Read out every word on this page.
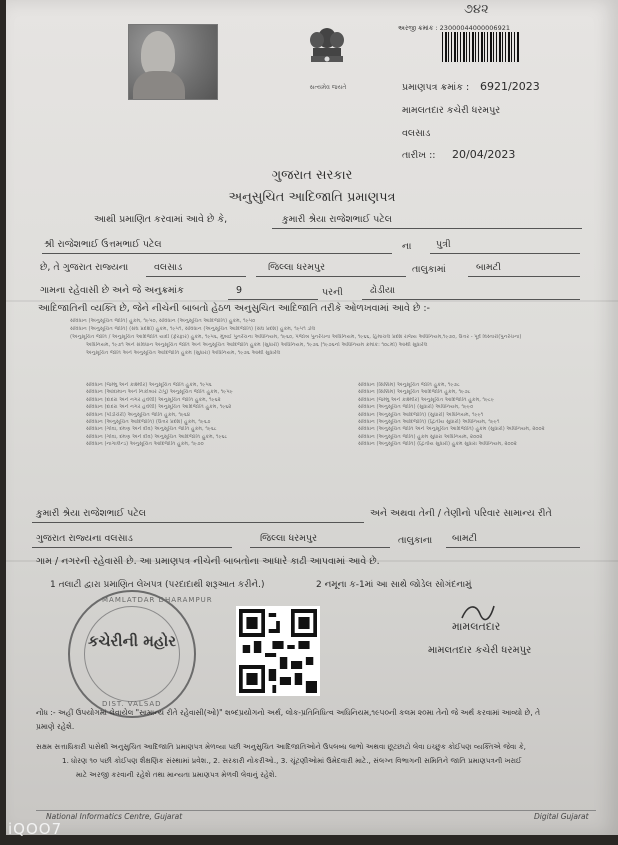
૭૪૨
સત્યમેવ જયતે
અરજી ક્રમાંક : 23000044000006921
પ્રમાણપત્ર ક્રમાંક : 6921/2023
મામલતદાર કચેરી ધરમપુર
વલસાડ
તારીખ :: 20/04/2023
ગુજરાત સરકાર
અનુસુચિત આદિજાતિ પ્રમાણપત્ર
આથી પ્રમાણિત કરવામાં આવે છે કે,	કુમારી શ્રેયા રાજેશભાઈ પટેલ
શ્રી રાજેશભાઈ ઉત્તમભાઈ પટેલ	ના	પુત્રી
છે, તે ગુજરાત રાજ્યના	વલસાડ	જિલ્લા ધરમપુર	તાલુકામાં	બામટી
ગામના રહેવાસી છે અને જે અનુક્રમાંક	9	પરની	ઢોડીયા
આદિજાતિની વ્યક્તિ છે, જેને નીચેની બાબતો હેઠળ અનુસુચિત આદિજાતિ તરીકે ઓળખવામાં આવે છે :-
સંવિધાન (અનુસૂચિત જાતિ) હુકમ, ૧૯૫૦, સંવિધાન (અનુસૂચિત આદિજાતિ) હુકમ, ૧૯૫૦
સંવિધાન (અનુસૂચિત જાતિ) (સંઘ પ્રદેશો) હુકમ, ૧૯૫૧, સંવિધાન (અનુસૂચિત આદિજાતિ) (સંઘ પ્રદેશ) હુકમ, ૧૯૫૧ ડોલ
(અનુસૂચિત જાતિ / અનુસૂચિત આદિજાતિ યાદી (ફેરફાર) હુકમ, ૧૯૫૬, મુંબઈ પુનર્રચના અધિનિયમ, ૧૯૬૦, પંજાબ પુનર્રચના અધિનિયમ, ૧૯૬૬, હિમાચલ પ્રદેશ રાજ્ય અધિનિયમ,૧૯૭૦, ઉત્તર - પૂર્વ વિસ્તારો(પુનર્રચના)
અધિનિયમ, ૧૯૭૧ અને સંવિધાન અનુસૂચિત જાતિ અને અનુસૂચિત આદિજાતિ હુકમ (સુધારો) અધિનિયમ, ૧૯૭૬ (૧૯૭૬નો અધિનિયમ ક્રમાંક: ૧૦૮મો) આથી સુધારેલ
અનુસૂચિત જાતિ અને અનુસૂચિત આદિજાતિ હુકમ (સુધારા) અધિનિયમ, ૧૯૭૬ આથી સુધારેલ
સંવિધાન (જમ્મુ અને કાશ્મીર) અનુસૂચિત જાતિ હુકમ, ૧૯૫૬
સંવિધાન (આંદામાન અને નિકોબાર ટાપુ) અનુસૂચિત જાતિ હુકમ, ૧૯૫૯
સંવિધાન (દાદરા અને નગર હવેલી) અનુસૂચિત જાતિ હુકમ, ૧૯૬૨
સંવિધાન (દાદરા અને નગર હવેલી) અનુસૂચિત આદિજાતિ હુકમ, ૧૯૬૨
સંવિધાન (પોંડીચેરી) અનુસૂચિત જાતિ હુકમ, ૧૯૬૪
સંવિધાન (અનુસૂચિત આદિજાતિ) (ઉત્તર પ્રદેશ) હુકમ, ૧૯૬૭
સંવિધાન (ગોવા, દમણ અને દીવ) અનુસૂચિત જાતિ હુકમ, ૧૯૬૮
સંવિધાન (ગોવા, દમણ અને દીવ) અનુસૂચિત આદિજાતિ હુકમ, ૧૯૬૮
સંવિધાન (નાગાલેન્ડ) અનુસૂચિત આદિજાતિ હુકમ, ૧૯૭૦
સંવિધાન (સિક્કિમ) અનુસૂચિત જાતિ હુકમ, ૧૯૭૮
સંવિધાન (સિક્કિમ) અનુસૂચિત આદિજાતિ હુકમ, ૧૯૭૮
સંવિધાન (જમ્મુ અને કાશ્મીર) અનુસૂચિત આદિજાતિ હુકમ, ૧૯૮૯
સંવિધાન (અનુસૂચિત જાતિ) (સુધારો) અધિનિયમ, ૧૯૯૦
સંવિધાન (અનુસૂચિત આદિજાતિ) (સુધારો) અધિનિયમ, ૧૯૯૧
સંવિધાન (અનુસૂચિત આદિજાતિ) (દ્વિતીય સુધારો) અધિનિયમ, ૧૯૯૧
સંવિધાન (અનુસૂચિત જાતિ અને અનુસૂચિત આદિજાતિ) હુકમ (સુધારો) અધિનિયમ, ૨૦૦૨
સંવિધાન (અનુસૂચિત જાતિ) હુકમ સુધારા અધિનિયમ, ૨૦૦૨
સંવિધાન (અનુસૂચિત જાતિ) (દ્વિતીય સુધારો) હુકમ સુધારા અધિનિયમ, ૨૦૦૨
કુમારી શ્રેયા રાજેશભાઈ પટેલ	અને અથવા તેની / તેણીનો પરિવાર સામાન્ય રીતે
ગુજરાત રાજ્યના વલસાડ	જિલ્લા ધરમપુર	તાલુકાના બામટી
ગામ / નગરની રહેવાસી છે. આ પ્રમાણપત્ર નીચેની બાબતોના આધારે કાઢી આપવામાં આવે છે.
1 તલાટી દ્વારા પ્રમાણિત લેખપત્ર (પરદાદાથી શરૂઆત કરીને.)	2 નમૂના ક-1માં આ સાથે જોડેલ સોગંદનામું
MAMLATDAR DHARAMPUR
કચેરીની મહોર
DIST. VALSAD
મામલતદાર
મામલતદાર કચેરી ધરમપુર
નોંધ :- અહીં ઉપયોગમાં લેવાયેલ "સામાન્ય રીતે રહેવાસી(ઓ)" શબ્દપ્રયોગનો અર્થ, લોક-પ્રતિનિધિત્વ અધિનિયમ,૧૯૫૦ની કલમ ૨૦મા તેનો જે અર્થ કરવામાં આવ્યો છે, તે
પ્રમાણે રહેશે.
સક્ષમ સત્તાધિકારી પાસેથી અનુસુચિત આદિજાતિ પ્રમાણપત્ર મેળવ્યા પછી અનુસુચિત આદિજાતિઓને ઉપલબ્ધ લાભો અથવા છૂટછાટો લેવા ઇચ્છુક કોઈપણ વ્યક્તિએ જેવા કે,
1. ધોરણ ૧૦ પછી કોઈપણ શૈક્ષણિક સંસ્થામાં પ્રવેશ., 2. સરકારી નોકરીઓ., 3. ચૂંટણીઓમાં ઉમેદવારી માટે., સંલગ્ન વિભાગની સમિતિને જાતિ પ્રમાણપત્રની ખરાઈ
માટે અરજી કરવાની રહેશે તથા માન્યતા પ્રમાણપત્ર મેળવી લેવાનું રહેશે.
National Informatics Centre, Gujarat	Digital Gujarat
iQOO7
